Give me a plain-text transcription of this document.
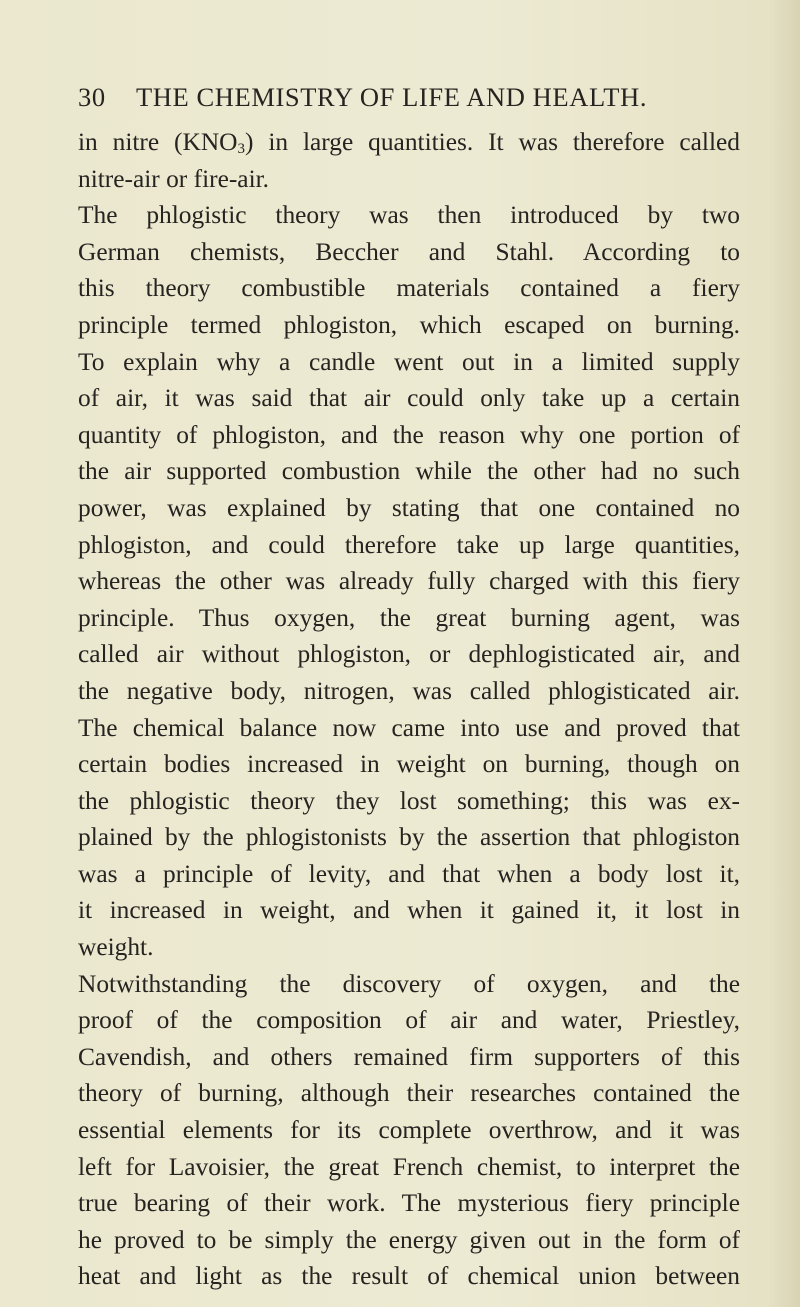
30 THE CHEMISTRY OF LIFE AND HEALTH.
in nitre $(KNO_3)$ in large quantities. It was therefore called
nitre-air or fire-air.
The phlogistic theory was then introduced by two
German chemists, Beccher and Stahl. According to
this theory combustible materials contained a fiery
principle termed phlogiston, which escaped on burning.
To explain why a candle went out in a limited supply
of air, it was said that air could only take up a certain
quantity of phlogiston, and the reason why one portion of
the air supported combustion while the other had no such
power, was explained by stating that one contained no
phlogiston, and could therefore take up large quantities,
whereas the other was already fully charged with this fiery
principle. Thus oxygen, the great burning agent, was
called air without phlogiston, or dephlogisticated air, and
the negative body, nitrogen, was called phlogisticated air.
The chemical balance now came into use and proved that
certain bodies increased in weight on burning, though on
the phlogistic theory they lost something; this was ex-
plained by the phlogistonists by the assertion that phlogiston
was a principle of levity, and that when a body lost it,
it increased in weight, and when it gained it, it lost in
weight.
Notwithstanding the discovery of oxygen, and the
proof of the composition of air and water, Priestley,
Cavendish, and others remained firm supporters of this
theory of burning, although their researches contained the
essential elements for its complete overthrow, and it was
left for Lavoisier, the great French chemist, to interpret the
true bearing of their work. The mysterious fiery principle
he proved to be simply the energy given out in the form of
heat and light as the result of chemical union between
